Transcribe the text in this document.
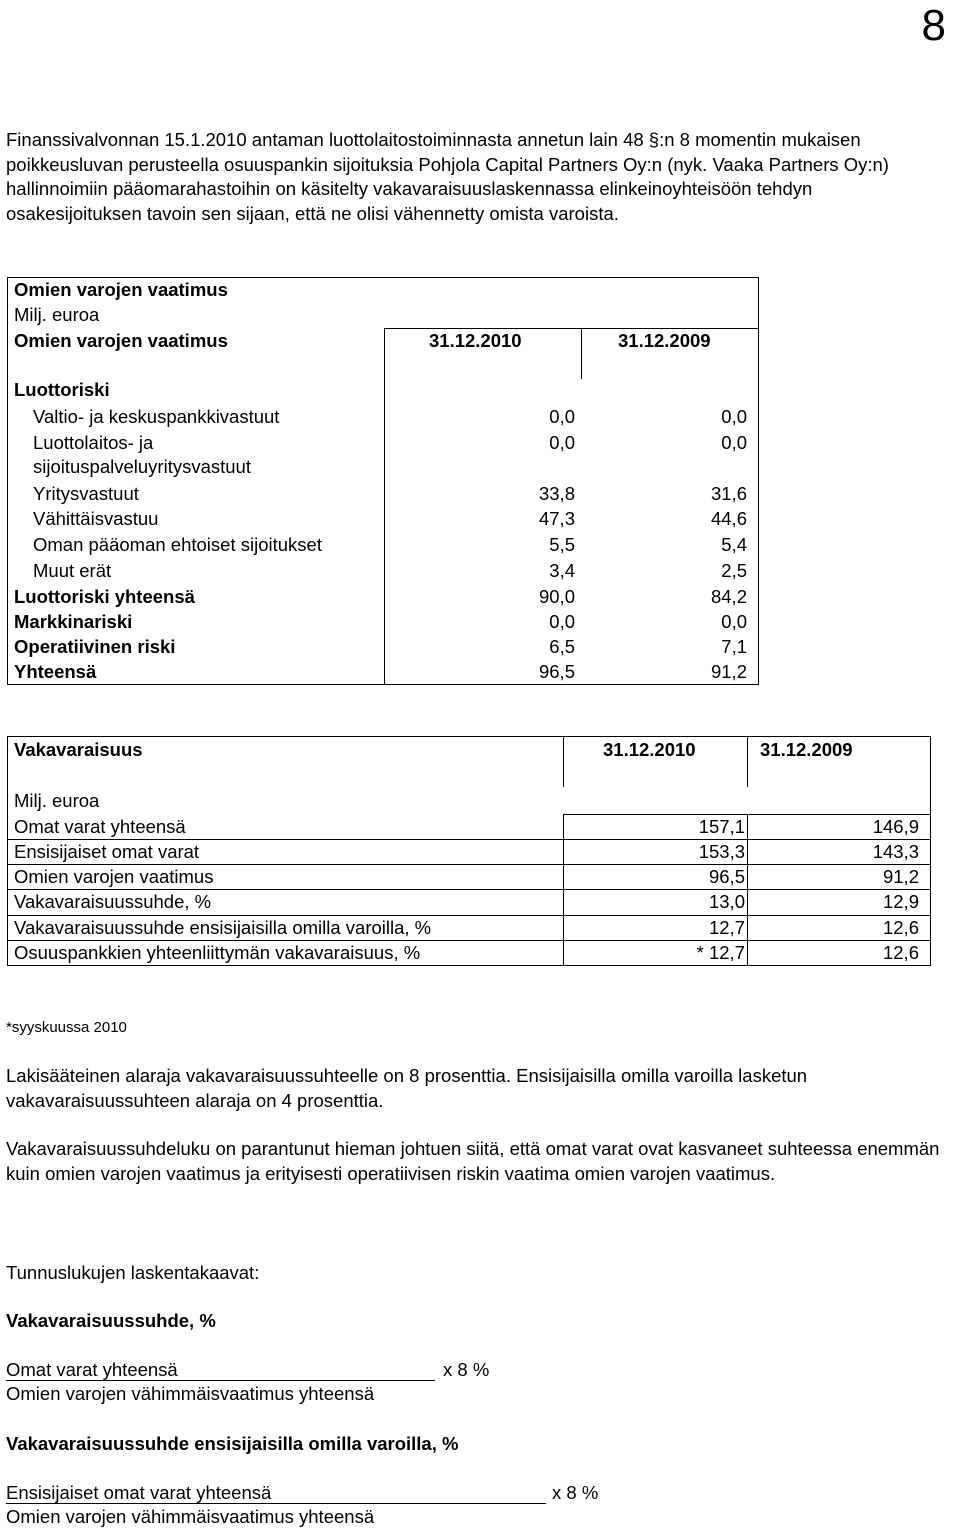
8

Finanssivalvonnan 15.1.2010 antaman luottolaitostoiminnasta annetun lain 48 §:n 8 momentin mukaisen poikkeusluvan perusteella osuuspankin sijoituksia Pohjola Capital Partners Oy:n (nyk. Vaaka Partners Oy:n) hallinnoimiin pääomarahastoihin on käsitelty vakavaraisuuslaskennassa elinkeinoyhteisöön tehdyn osakesijoituksen tavoin sen sijaan, että ne olisi vähennetty omista varoista.

Omien varojen vaatimus
Milj. euroa
Omien varojen vaatimus	31.12.2010	31.12.2009
Luottoriski
Valtio- ja keskuspankkivastuut	0,0	0,0
Luottolaitos- ja	0,0	0,0
sijoituspalveluyritysvastuut
Yritysvastuut	33,8	31,6
Vähittäisvastuu	47,3	44,6
Oman pääoman ehtoiset sijoitukset	5,5	5,4
Muut erät	3,4	2,5
Luottoriski yhteensä	90,0	84,2
Markkinariski	0,0	0,0
Operatiivinen riski	6,5	7,1
Yhteensä	96,5	91,2
Vakavaraisuus	31.12.2010	31.12.2009
Milj. euroa
Omat varat yhteensä	157,1	146,9
Ensisijaiset omat varat	153,3	143,3
Omien varojen vaatimus	96,5	91,2
Vakavaraisuussuhde, %	13,0	12,9
Vakavaraisuussuhde ensisijaisilla omilla varoilla, %	12,7	12,6
Osuuspankkien yhteenliittymän vakavaraisuus, %	* 12,7	12,6

*syyskuussa 2010

Lakisääteinen alaraja vakavaraisuussuhteelle on 8 prosenttia. Ensisijaisilla omilla varoilla lasketun vakavaraisuussuhteen alaraja on 4 prosenttia.

Vakavaraisuussuhdeluku on parantunut hieman johtuen siitä, että omat varat ovat kasvaneet suhteessa enemmän kuin omien varojen vaatimus ja erityisesti operatiivisen riskin vaatima omien varojen vaatimus.

Tunnuslukujen laskentakaavat:

Vakavaraisuussuhde, %

Omat varat yhteensä	x 8 %

Omien varojen vähimmäisvaatimus yhteensä

Vakavaraisuussuhde ensisijaisilla omilla varoilla, %

Ensisijaiset omat varat yhteensä	x 8 %

Omien varojen vähimmäisvaatimus yhteensä
